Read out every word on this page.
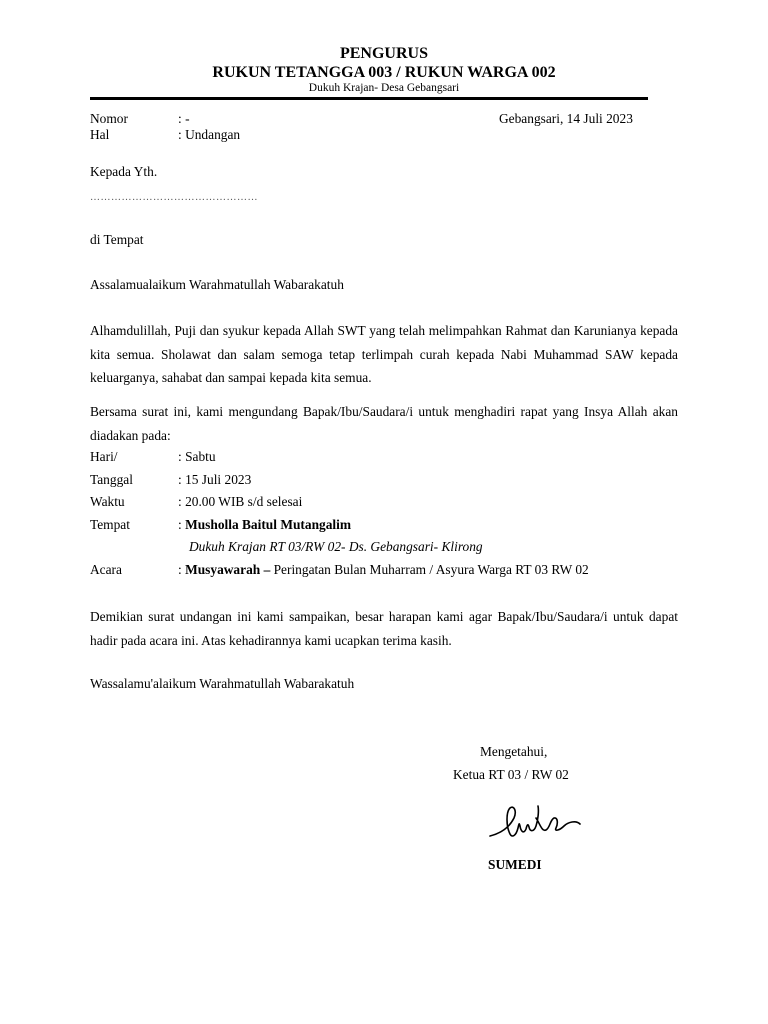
PENGURUS
RUKUN TETANGGA 003 / RUKUN WARGA 002
Dukuh Krajan- Desa Gebangsari
Nomor	: -	Gebangsari, 14 Juli 2023
Hal	: Undangan
Kepada Yth.
…………………………………………
di Tempat
Assalamualaikum Warahmatullah Wabarakatuh
Alhamdulillah, Puji dan syukur kepada Allah SWT yang telah melimpahkan Rahmat dan Karunianya kepada kita semua. Sholawat dan salam semoga tetap terlimpah curah kepada Nabi Muhammad SAW kepada keluarganya, sahabat dan sampai kepada kita semua.
Bersama surat ini, kami mengundang Bapak/Ibu/Saudara/i untuk menghadiri rapat yang Insya Allah akan diadakan pada:
Hari/	: Sabtu
Tanggal	: 15 Juli 2023
Waktu	: 20.00 WIB s/d selesai
Tempat	: Musholla Baitul Mutangalim
Dukuh Krajan RT 03/RW 02- Ds. Gebangsari- Klirong
Acara	: Musyawarah – Peringatan Bulan Muharram / Asyura Warga RT 03 RW 02
Demikian surat undangan ini kami sampaikan, besar harapan kami agar Bapak/Ibu/Saudara/i untuk dapat hadir pada acara ini. Atas kehadirannya kami ucapkan terima kasih.
Wassalamu'alaikum Warahmatullah Wabarakatuh
Mengetahui,
Ketua RT 03 / RW 02
SUMEDI
